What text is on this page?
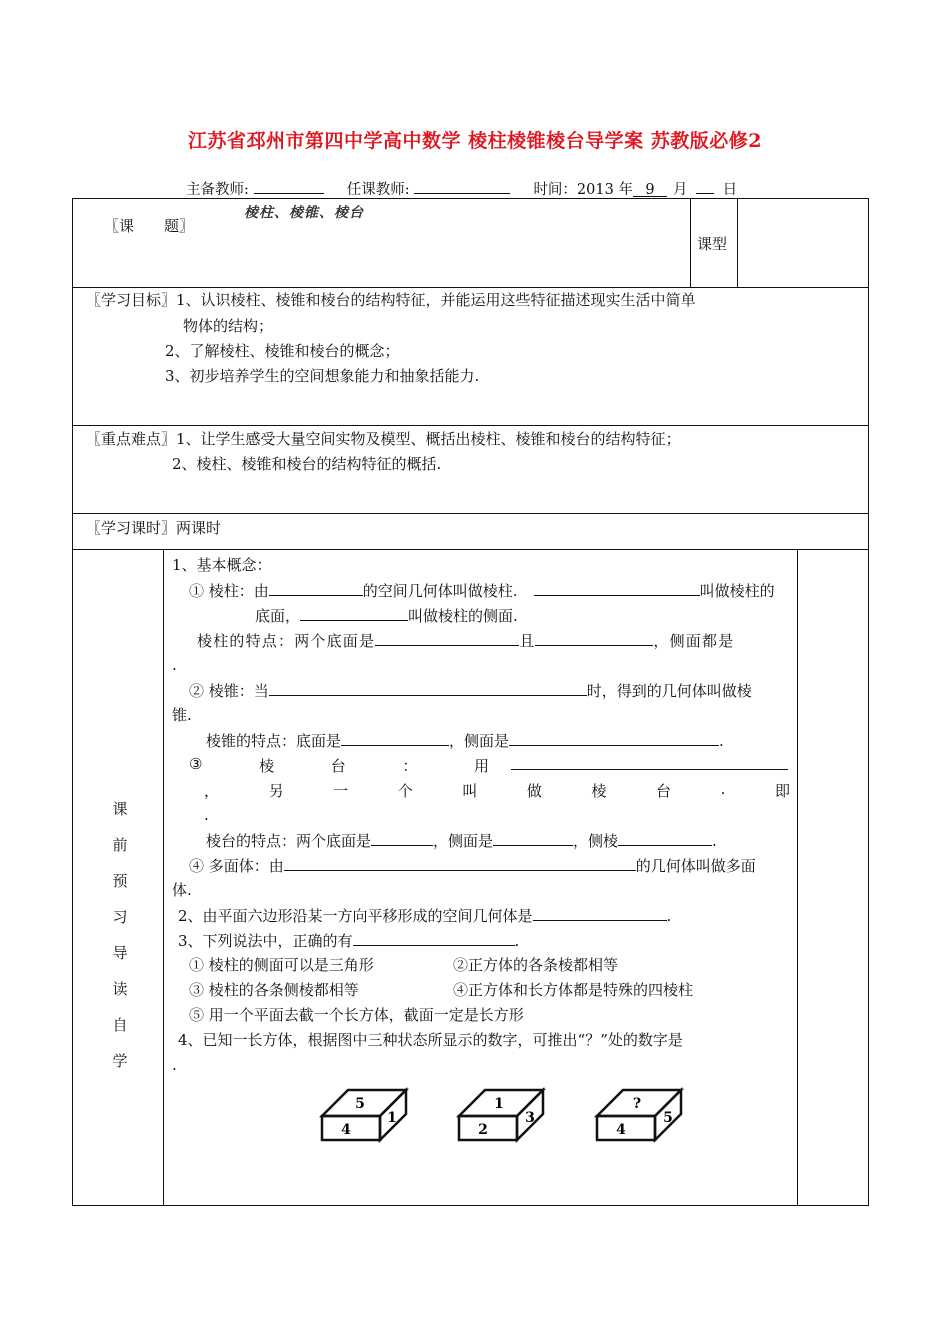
江苏省邳州市第四中学高中数学 棱柱棱锥棱台导学案 苏教版必修2
主备教师:	任课教师:	时间：2013 年 9 月 日
〖课　　题〗
棱柱、棱锥、棱台
课型
〖学习目标〗1、认识棱柱、棱锥和棱台的结构特征，并能运用这些特征描述现实生活中简单
物体的结构；
2、了解棱柱、棱锥和棱台的概念；
3、初步培养学生的空间想象能力和抽象括能力.
〖重点难点〗1、让学生感受大量空间实物及模型、概括出棱柱、棱锥和棱台的结构特征；
2、棱柱、棱锥和棱台的结构特征的概括.
〖学习课时〗两课时
课
前
预
习
导
读
自
学
1、基本概念：
① 棱柱：由	的空间几何体叫做棱柱.	叫做棱柱的
底面，	叫做棱柱的侧面.
棱柱的特点：两个底面是	且	，侧面都是
.
② 棱锥：当	时，得到的几何体叫做棱
锥.
棱锥的特点：底面是	，侧面是	.
③	棱	台	：	用
，	另	一	个	叫	做	棱	台	.	即
.
棱台的特点：两个底面是	，侧面是	，侧棱	.
④ 多面体：由	的几何体叫做多面
体.
2、由平面六边形沿某一方向平移形成的空间几何体是	.
3、下列说法中，正确的有	.
① 棱柱的侧面可以是三角形	②正方体的各条棱都相等
③ 棱柱的各条侧棱都相等	④正方体和长方体都是特殊的四棱柱
⑤ 用一个平面去截一个长方体，截面一定是长方形
4、已知一长方体，根据图中三种状态所显示的数字，可推出“？”处的数字是
.
5
4
1
1
2
3
?
4
5
